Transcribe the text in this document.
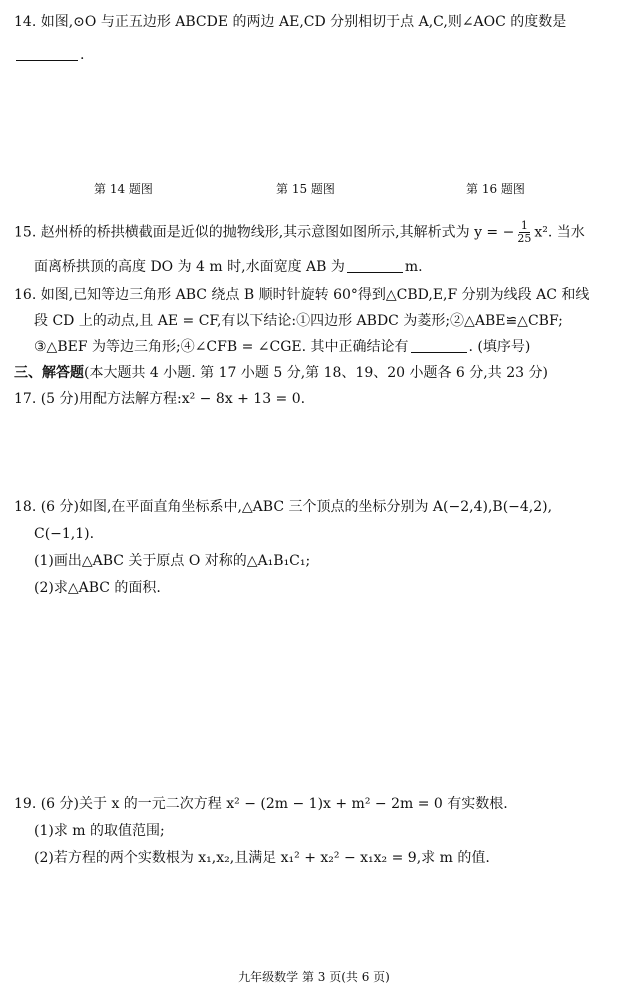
14. 如图,⊙O 与正五边形 ABCDE 的两边 AE,CD 分别相切于点 A,C,则∠AOC 的度数是
.
第 14 题图	第 15 题图	第 16 题图
15. 赵州桥的桥拱横截面是近似的抛物线形,其示意图如图所示,其解析式为 y = − $\frac{1}{25} x^2$. 当水
面离桥拱顶的高度 DO 为 4 m 时,水面宽度 AB 为	m.
16. 如图,已知等边三角形 ABC 绕点 B 顺时针旋转 60°得到△CBD,E,F 分别为线段 AC 和线
段 CD 上的动点,且 AE = CF,有以下结论:①四边形 ABDC 为菱形;②△ABE≌△CBF;
③△BEF 为等边三角形;④∠CFB = ∠CGE. 其中正确结论有	. (填序号)
三、解答题(本大题共 4 小题. 第 17 小题 5 分,第 18、19、20 小题各 6 分,共 23 分)
17. (5 分)用配方法解方程:x² − 8x + 13 = 0.
18. (6 分)如图,在平面直角坐标系中,△ABC 三个顶点的坐标分别为 A(−2,4),B(−4,2),
C(−1,1).
(1)画出△ABC 关于原点 O 对称的△A₁B₁C₁;
(2)求△ABC 的面积.
19. (6 分)关于 x 的一元二次方程 x² − (2m − 1)x + m² − 2m = 0 有实数根.
(1)求 m 的取值范围;
(2)若方程的两个实数根为 x₁,x₂,且满足 x₁² + x₂² − x₁x₂ = 9,求 m 的值.
九年级数学 第 3 页(共 6 页)
